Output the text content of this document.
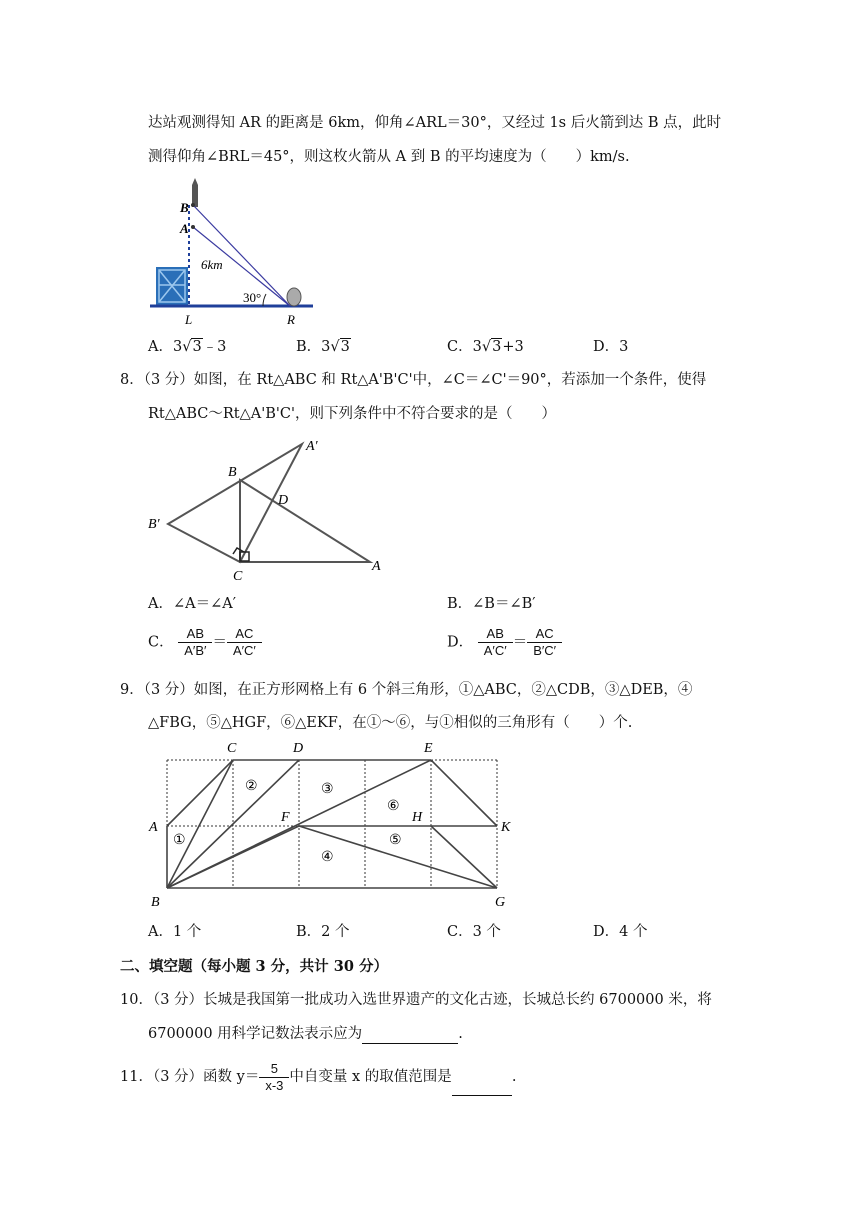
达站观测得知 AR 的距离是 6km，仰角∠ARL＝30°，又经过 1s 后火箭到达 B 点，此时
测得仰角∠BRL＝45°，则这枚火箭从 A 到 B 的平均速度为（　　）km/s.
B
A
6km
30°
L	R
A．3√3﹣3	B．3√3	C．3√3+3	D．3
8．（3 分）如图，在 Rt△ABC 和 Rt△A'B'C'中，∠C＝∠C'＝90°，若添加一个条件，使得
Rt△ABC～Rt△A'B'C'，则下列条件中不符合要求的是（　　）
A′
B
D
B′
C
A
A．∠A＝∠A′	B．∠B＝∠B′
C． $\frac{AB}{A'B'} = \frac{AC}{A'C'}$	D． $\frac{AB}{A'C'} = \frac{AC}{B'C'}$
9．（3 分）如图，在正方形网格上有 6 个斜三角形，①△ABC，②△CDB，③△DEB，④
△FBG，⑤△HGF，⑥△EKF，在①～⑥，与①相似的三角形有（　　）个.
C	D	E
A
F	H
K
B	G
①
②	③
④
⑤
⑥
A．1 个	B．2 个	C．3 个	D．4 个
二、填空题（每小题 3 分，共计 30 分）
10．（3 分）长城是我国第一批成功入选世界遗产的文化古迹，长城总长约 6700000 米，将
6700000 用科学记数法表示应为	.
11．（3 分）函数 $y= \frac{5}{x-3}$ 中自变量 x 的取值范围是	.
